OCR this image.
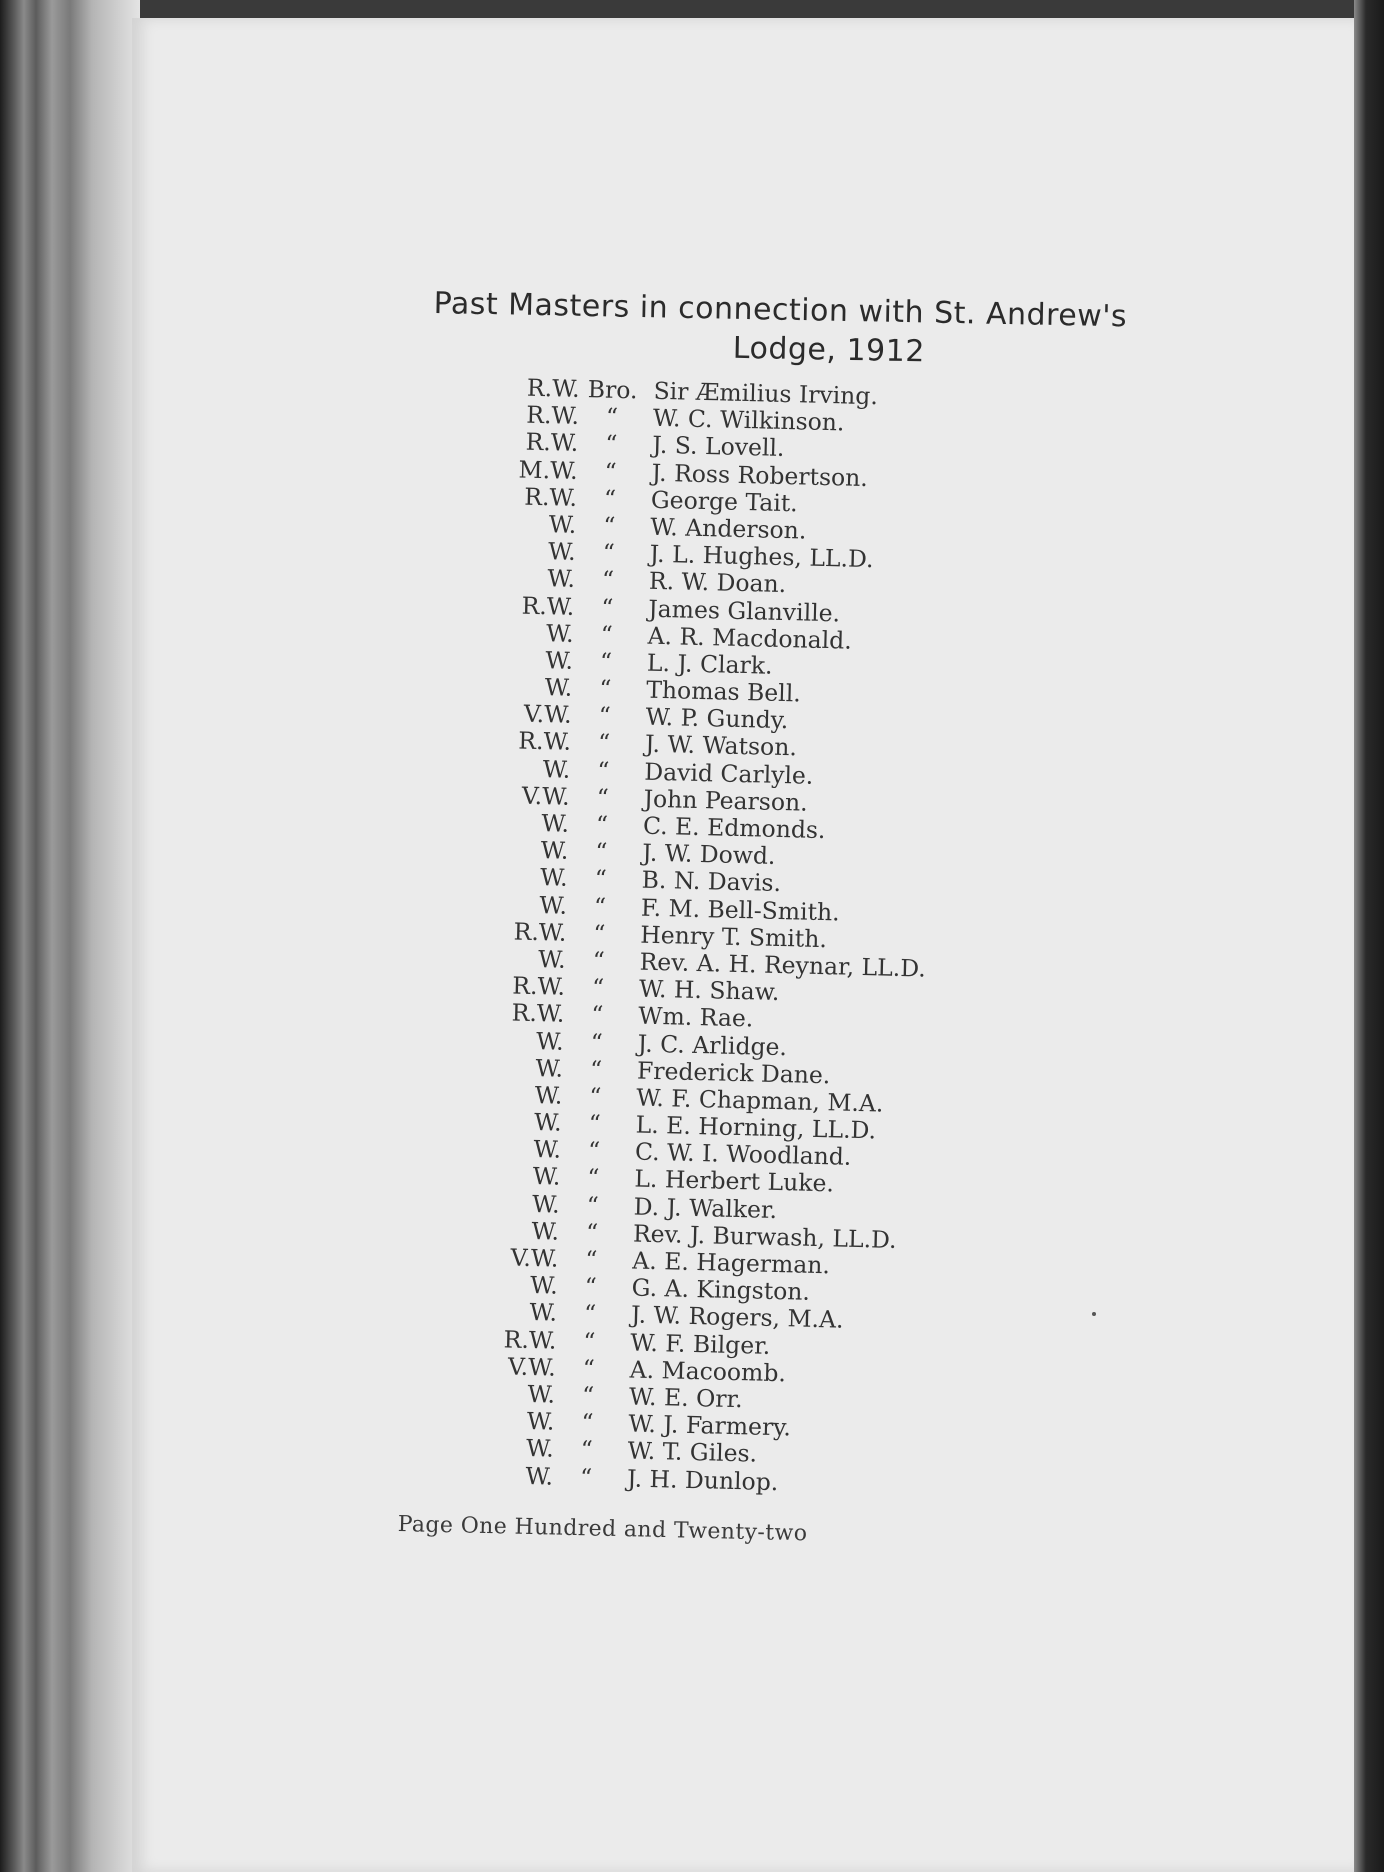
Past Masters in connection with St. Andrew's
Lodge, 1912
R.W. Bro. Sir Æmilius Irving.
R.W.	“	W. C. Wilkinson.
R.W.	“	J. S. Lovell.
M.W.	“	J. Ross Robertson.
R.W.	“	George Tait.
W.	“	W. Anderson.
W.	“	J. L. Hughes, LL.D.
W.	“	R. W. Doan.
R.W.	“	James Glanville.
W.	“	A. R. Macdonald.
W.	“	L. J. Clark.
W.	“	Thomas Bell.
V.W.	“	W. P. Gundy.
R.W.	“	J. W. Watson.
W.	“	David Carlyle.
V.W.	“	John Pearson.
W.	“	C. E. Edmonds.
W.	“	J. W. Dowd.
W.	“	B. N. Davis.
W.	“	F. M. Bell-Smith.
R.W.	“	Henry T. Smith.
W.	“	Rev. A. H. Reynar, LL.D.
R.W.	“	W. H. Shaw.
R.W.	“	Wm. Rae.
W.	“	J. C. Arlidge.
W.	“	Frederick Dane.
W.	“	W. F. Chapman, M.A.
W.	“	L. E. Horning, LL.D.
W.	“	C. W. I. Woodland.
W.	“	L. Herbert Luke.
W.	“	D. J. Walker.
W.	“	Rev. J. Burwash, LL.D.
V.W.	“	A. E. Hagerman.
W.	“	G. A. Kingston.
W.	“	J. W. Rogers, M.A.
R.W.	“	W. F. Bilger.
V.W.	“	A. Macoomb.
W.	“	W. E. Orr.
W.	“	W. J. Farmery.
W.	“	W. T. Giles.
W.	“	J. H. Dunlop.
Page One Hundred and Twenty-two
